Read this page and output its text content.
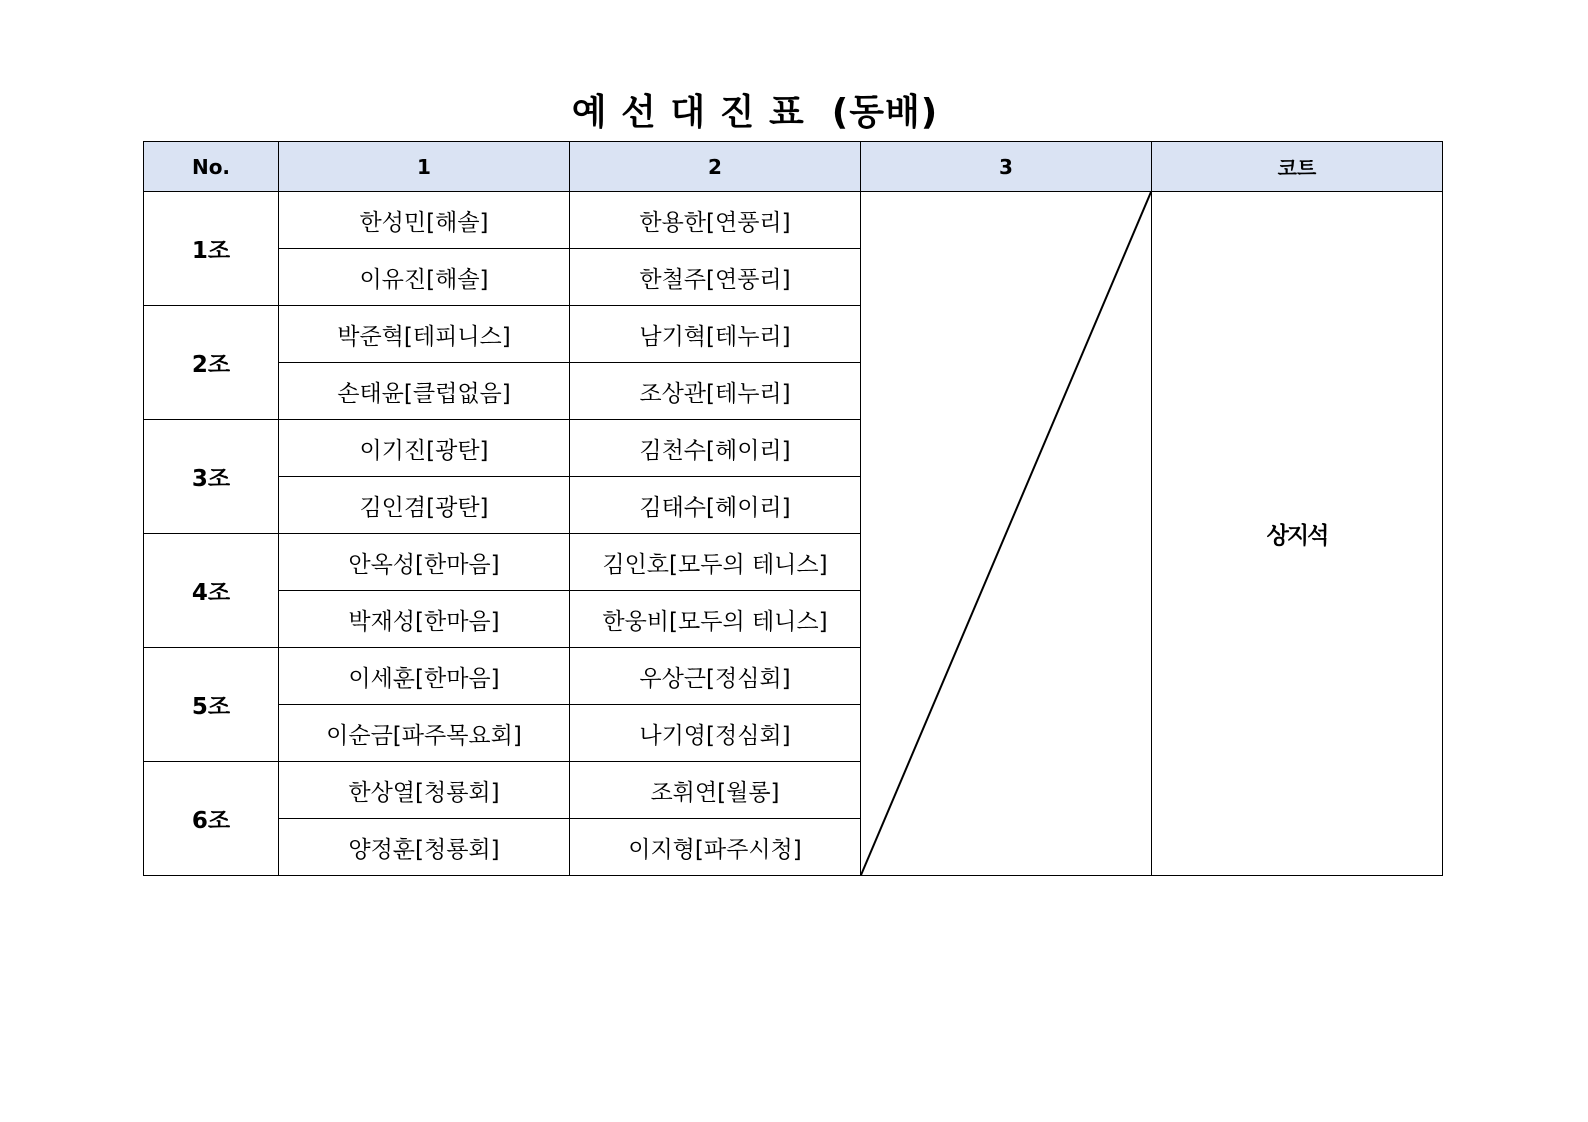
예 선 대 진 표  (동배)
No.	1	2	3	코트
1조	한성민[해솔]	한용한[연풍리]		상지석
	이유진[해솔]	한철주[연풍리]		
2조	박준혁[테피니스]	남기혁[테누리]		
	손태윤[클럽없음]	조상관[테누리]		
3조	이기진[광탄]	김천수[헤이리]		
	김인겸[광탄]	김태수[헤이리]		
4조	안옥성[한마음]	김인호[모두의 테니스]		
	박재성[한마음]	한웅비[모두의 테니스]		
5조	이세훈[한마음]	우상근[정심회]		
	이순금[파주목요회]	나기영[정심회]		
6조	한상열[청룡회]	조휘연[월롱]		
	양정훈[청룡회]	이지형[파주시청]		
